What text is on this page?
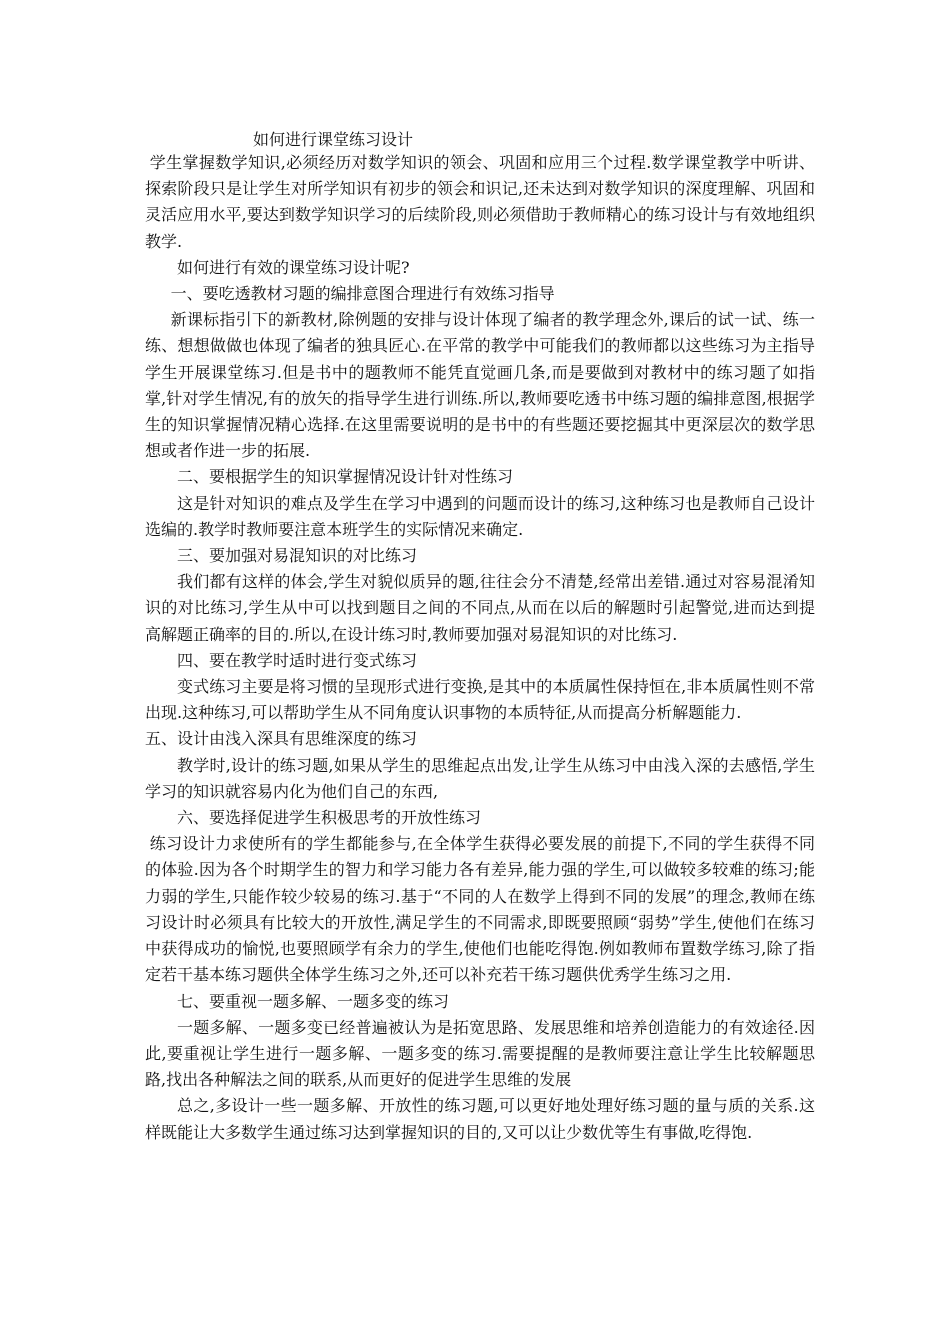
如何进行课堂练习设计

学生掌握数学知识,必须经历对数学知识的领会、巩固和应用三个过程.数学课堂教学中听讲、探索阶段只是让学生对所学知识有初步的领会和识记,还未达到对数学知识的深度理解、巩固和灵活应用水平,要达到数学知识学习的后续阶段,则必须借助于教师精心的练习设计与有效地组织教学.

如何进行有效的课堂练习设计呢?

一、要吃透教材习题的编排意图合理进行有效练习指导

新课标指引下的新教材,除例题的安排与设计体现了编者的教学理念外,课后的试一试、练一练、想想做做也体现了编者的独具匠心.在平常的教学中可能我们的教师都以这些练习为主指导学生开展课堂练习.但是书中的题教师不能凭直觉画几条,而是要做到对教材中的练习题了如指掌,针对学生情况,有的放矢的指导学生进行训练.所以,教师要吃透书中练习题的编排意图,根据学生的知识掌握情况精心选择.在这里需要说明的是书中的有些题还要挖掘其中更深层次的数学思想或者作进一步的拓展.

二、要根据学生的知识掌握情况设计针对性练习

这是针对知识的难点及学生在学习中遇到的问题而设计的练习,这种练习也是教师自己设计选编的.教学时教师要注意本班学生的实际情况来确定.

三、要加强对易混知识的对比练习

我们都有这样的体会,学生对貌似质异的题,往往会分不清楚,经常出差错.通过对容易混淆知识的对比练习,学生从中可以找到题目之间的不同点,从而在以后的解题时引起警觉,进而达到提高解题正确率的目的.所以,在设计练习时,教师要加强对易混知识的对比练习.

四、要在教学时适时进行变式练习

变式练习主要是将习惯的呈现形式进行变换,是其中的本质属性保持恒在,非本质属性则不常出现.这种练习,可以帮助学生从不同角度认识事物的本质特征,从而提高分析解题能力.

五、设计由浅入深具有思维深度的练习

教学时,设计的练习题,如果从学生的思维起点出发,让学生从练习中由浅入深的去感悟,学生学习的知识就容易内化为他们自己的东西,

六、要选择促进学生积极思考的开放性练习

练习设计力求使所有的学生都能参与,在全体学生获得必要发展的前提下,不同的学生获得不同的体验.因为各个时期学生的智力和学习能力各有差异,能力强的学生,可以做较多较难的练习;能力弱的学生,只能作较少较易的练习.基于“不同的人在数学上得到不同的发展”的理念,教师在练习设计时必须具有比较大的开放性,满足学生的不同需求,即既要照顾“弱势”学生,使他们在练习中获得成功的愉悦,也要照顾学有余力的学生,使他们也能吃得饱.例如教师布置数学练习,除了指定若干基本练习题供全体学生练习之外,还可以补充若干练习题供优秀学生练习之用.

七、要重视一题多解、一题多变的练习

一题多解、一题多变已经普遍被认为是拓宽思路、发展思维和培养创造能力的有效途径.因此,要重视让学生进行一题多解、一题多变的练习.需要提醒的是教师要注意让学生比较解题思路,找出各种解法之间的联系,从而更好的促进学生思维的发展

总之,多设计一些一题多解、开放性的练习题,可以更好地处理好练习题的量与质的关系.这样既能让大多数学生通过练习达到掌握知识的目的,又可以让少数优等生有事做,吃得饱.
